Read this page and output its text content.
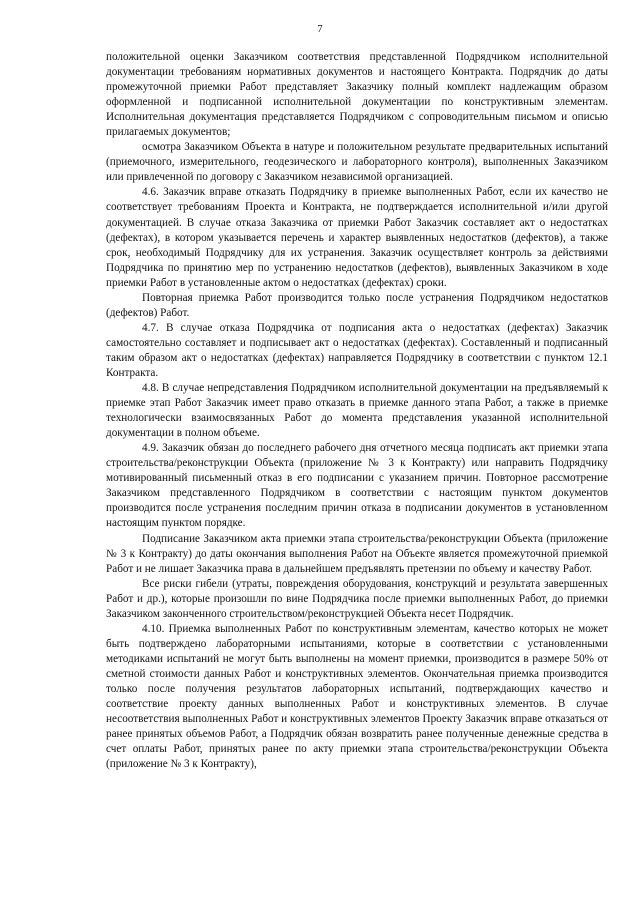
7

положительной оценки Заказчиком соответствия представленной Подрядчиком исполнительной документации требованиям нормативных документов и настоящего Контракта. Подрядчик до даты промежуточной приемки Работ представляет Заказчику полный комплект надлежащим образом оформленной и подписанной исполнительной документации по конструктивным элементам. Исполнительная документация представляется Подрядчиком с сопроводительным письмом и описью прилагаемых документов;

осмотра Заказчиком Объекта в натуре и положительном результате предварительных испытаний (приемочного, измерительного, геодезического и лабораторного контроля), выполненных Заказчиком или привлеченной по договору с Заказчиком независимой организацией.

4.6. Заказчик вправе отказать Подрядчику в приемке выполненных Работ, если их качество не соответствует требованиям Проекта и Контракта, не подтверждается исполнительной и/или другой документацией. В случае отказа Заказчика от приемки Работ Заказчик составляет акт о недостатках (дефектах), в котором указывается перечень и характер выявленных недостатков (дефектов), а также срок, необходимый Подрядчику для их устранения. Заказчик осуществляет контроль за действиями Подрядчика по принятию мер по устранению недостатков (дефектов), выявленных Заказчиком в ходе приемки Работ в установленные актом о недостатках (дефектах) сроки.

Повторная приемка Работ производится только после устранения Подрядчиком недостатков (дефектов) Работ.

4.7. В случае отказа Подрядчика от подписания акта о недостатках (дефектах) Заказчик самостоятельно составляет и подписывает акт о недостатках (дефектах). Составленный и подписанный таким образом акт о недостатках (дефектах) направляется Подрядчику в соответствии с пунктом 12.1 Контракта.

4.8. В случае непредставления Подрядчиком исполнительной документации на предъявляемый к приемке этап Работ Заказчик имеет право отказать в приемке данного этапа Работ, а также в приемке технологически взаимосвязанных Работ до момента представления указанной исполнительной документации в полном объеме.

4.9. Заказчик обязан до последнего рабочего дня отчетного месяца подписать акт приемки этапа строительства/реконструкции Объекта (приложение № 3 к Контракту) или направить Подрядчику мотивированный письменный отказ в его подписании с указанием причин. Повторное рассмотрение Заказчиком представленного Подрядчиком в соответствии с настоящим пунктом документов производится после устранения последним причин отказа в подписании документов в установленном настоящим пунктом порядке.

Подписание Заказчиком акта приемки этапа строительства/реконструкции Объекта (приложение № 3 к Контракту) до даты окончания выполнения Работ на Объекте является промежуточной приемкой Работ и не лишает Заказчика права в дальнейшем предъявлять претензии по объему и качеству Работ.

Все риски гибели (утраты, повреждения оборудования, конструкций и результата завершенных Работ и др.), которые произошли по вине Подрядчика после приемки выполненных Работ, до приемки Заказчиком законченного строительством/реконструкцией Объекта несет Подрядчик.

4.10. Приемка выполненных Работ по конструктивным элементам, качество которых не может быть подтверждено лабораторными испытаниями, которые в соответствии с установленными методиками испытаний не могут быть выполнены на момент приемки, производится в размере 50% от сметной стоимости данных Работ и конструктивных элементов. Окончательная приемка производится только после получения результатов лабораторных испытаний, подтверждающих качество и соответствие проекту данных выполненных Работ и конструктивных элементов. В случае несоответствия выполненных Работ и конструктивных элементов Проекту Заказчик вправе отказаться от ранее принятых объемов Работ, а Подрядчик обязан возвратить ранее полученные денежные средства в счет оплаты Работ, принятых ранее по акту приемки этапа строительства/реконструкции Объекта (приложение № 3 к Контракту),
